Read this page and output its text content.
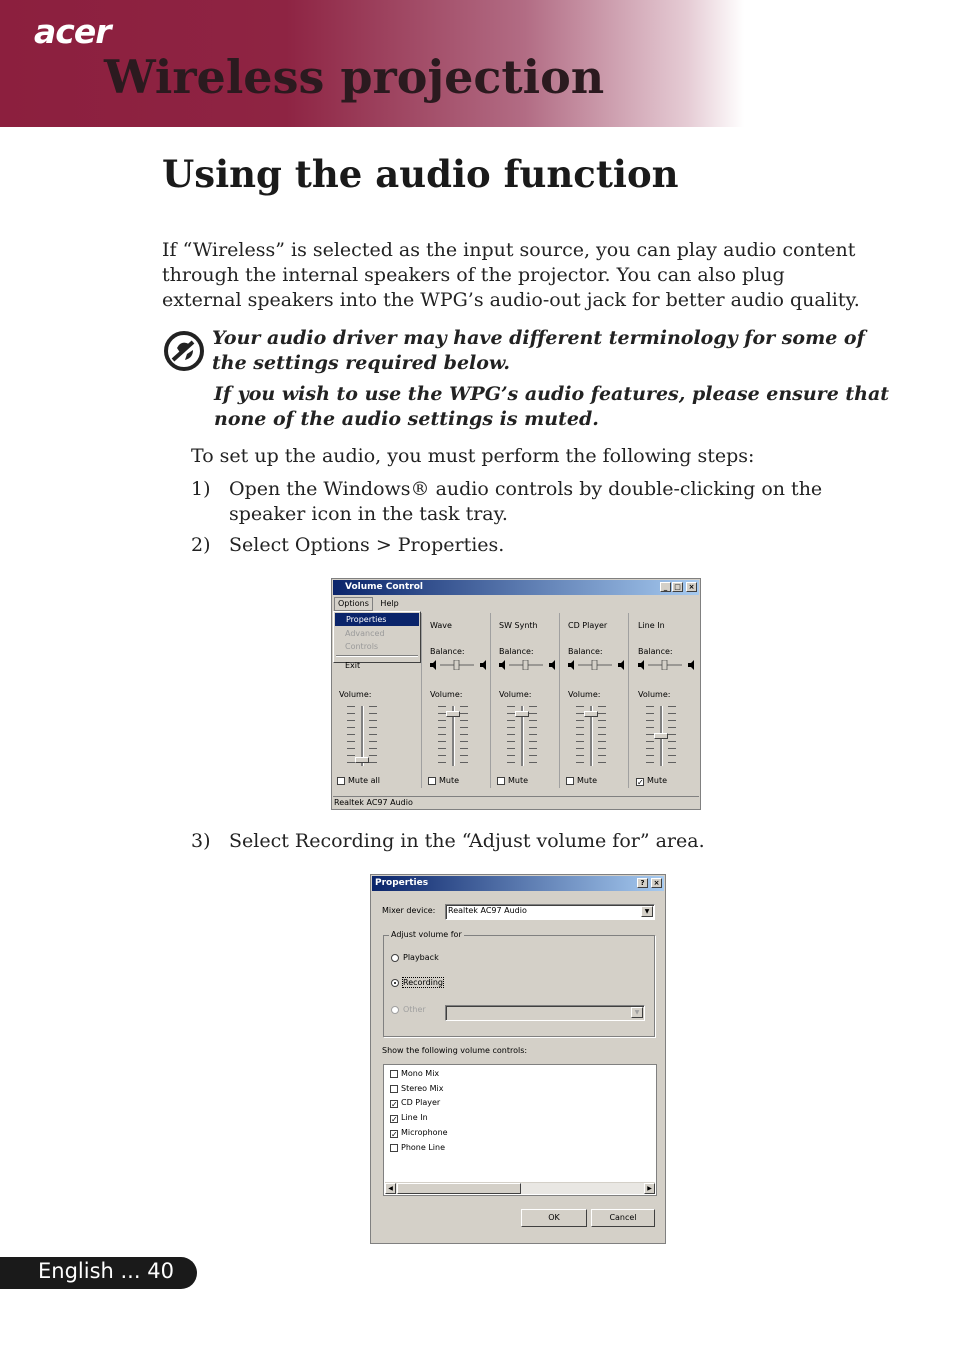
acer
Wireless projection
Using the audio function
If “Wireless” is selected as the input source, you can play audio content through the internal speakers of the projector. You can also plug external speakers into the WPG’s audio-out jack for better audio quality.

Your audio driver may have different terminology for some of the settings required below.

If you wish to use the WPG’s audio features, please ensure that none of the audio settings is muted.

To set up the audio, you must perform the following steps:
1) Open the Windows® audio controls by double-clicking on the speaker icon in the task tray.
2) Select Options > Properties.
Volume Control	_ □	×
Options Help
Properties
Advanced Controls
Exit
Volume:
Mute all
Wave
Balance:
Volume:
Mute
SW Synth
Balance:
Volume:
Mute
CD Player
Balance:
Volume:
Mute
Line In
Balance:
Volume:
✓ Mute
Realtek AC97 Audio
3) Select Recording in the “Adjust volume for” area.
Properties	?	×
Mixer device:	Realtek AC97 Audio	▼
Adjust volume for
Playback
Recording
Other	▼
Show the following volume controls:
Mono Mix
Stereo Mix
✓ CD Player
✓ Line In
✓ Microphone
Phone Line
◀	▶
OK	Cancel
English ... 40
